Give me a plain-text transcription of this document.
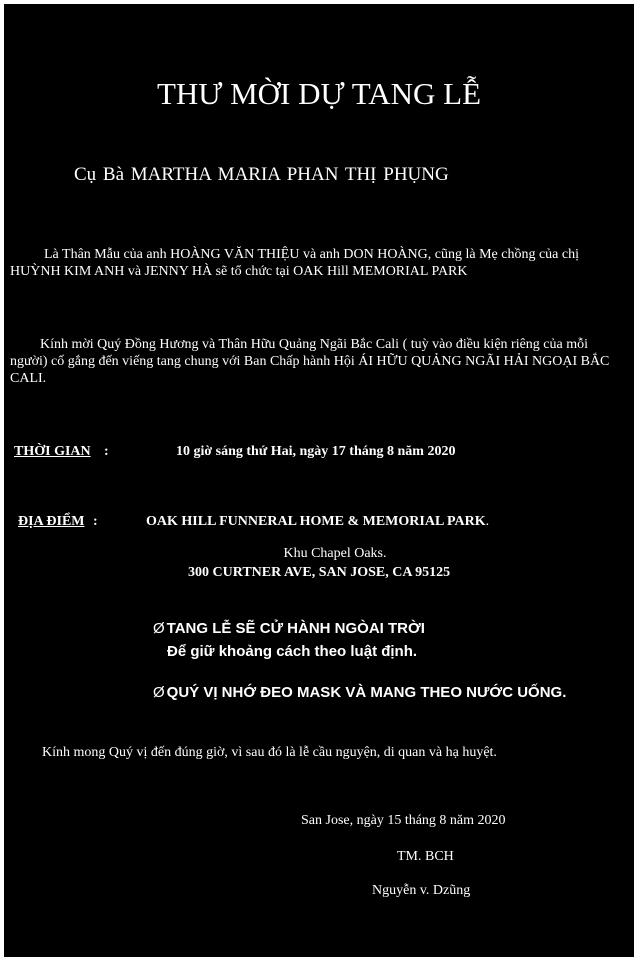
THƯ MỜI DỰ TANG LỄ
Cụ Bà MARTHA MARIA PHAN THỊ PHỤNG
Là Thân Mẫu của anh HOÀNG VĂN THIỆU và anh DON HOÀNG, cũng là Mẹ chồng của chị HUỲNH KIM ANH và JENNY HÀ sẽ tổ chức tại OAK Hill MEMORIAL PARK
Kính mời Quý Đồng Hương và Thân Hữu Quảng Ngãi Bắc Cali ( tuỳ vào điều kiện riêng của mỗi người) cố gắng đến viếng tang chung với Ban Chấp hành Hội ÁI HỮU QUẢNG NGÃI HẢI NGOẠI BẮC CALI.
THỜI GIAN :	10 giờ sáng thứ Hai, ngày 17 tháng 8 năm 2020
ĐỊA ĐIỂM :	OAK HILL FUNNERAL HOME & MEMORIAL PARK.
Khu Chapel Oaks.
300 CURTNER AVE, SAN JOSE, CA 95125
Ø TANG LỄ SẼ CỬ HÀNH NGÒAI TRỜI
Để giữ khoảng cách theo luật định.
Ø QUÝ VỊ NHỚ ĐEO MASK VÀ MANG THEO NƯỚC UỐNG.
Kính mong Quý vị đến đúng giờ, vì sau đó là lễ cầu nguyện, di quan và hạ huyệt.
San Jose, ngày 15 tháng 8 năm 2020
TM. BCH
Nguyễn v. Dzũng
